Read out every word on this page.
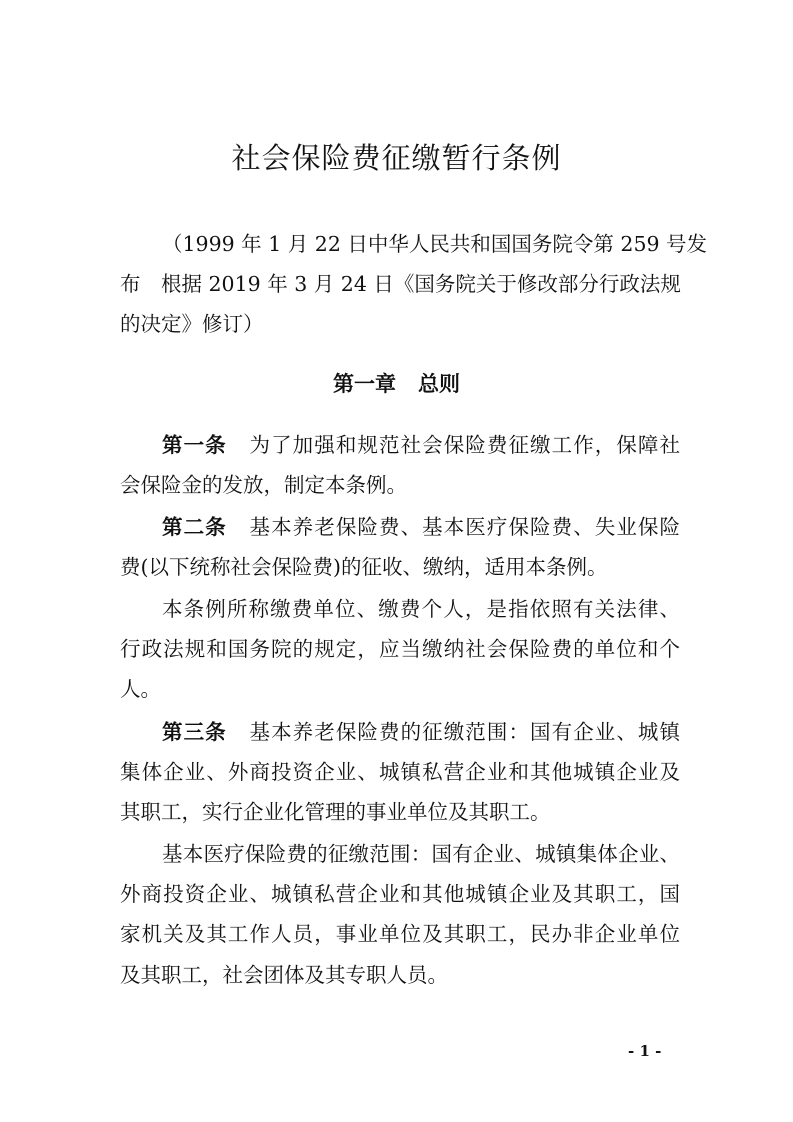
社会保险费征缴暂行条例
（1999 年 1 月 22 日中华人民共和国国务院令第 259 号发
布　根据 2019 年 3 月 24 日《国务院关于修改部分行政法规
的决定》修订）
第一章 总则
第一条 为了加强和规范社会保险费征缴工作，保障社
会保险金的发放，制定本条例。
第二条 基本养老保险费、基本医疗保险费、失业保险
费(以下统称社会保险费)的征收、缴纳，适用本条例。
本条例所称缴费单位、缴费个人，是指依照有关法律、
行政法规和国务院的规定，应当缴纳社会保险费的单位和个
人。
第三条 基本养老保险费的征缴范围：国有企业、城镇
集体企业、外商投资企业、城镇私营企业和其他城镇企业及
其职工，实行企业化管理的事业单位及其职工。
基本医疗保险费的征缴范围：国有企业、城镇集体企业、
外商投资企业、城镇私营企业和其他城镇企业及其职工，国
家机关及其工作人员，事业单位及其职工，民办非企业单位
及其职工，社会团体及其专职人员。
- 1 -
